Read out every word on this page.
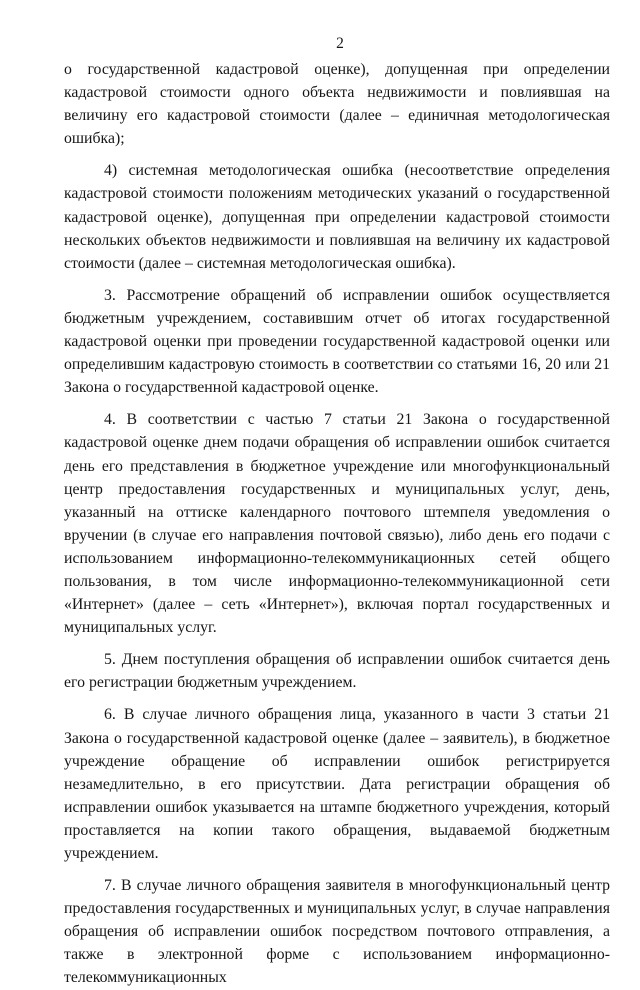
2

о государственной кадастровой оценке), допущенная при определении кадастровой стоимости одного объекта недвижимости и повлиявшая на величину его кадастровой стоимости (далее – единичная методологическая ошибка);

4) системная методологическая ошибка (несоответствие определения кадастровой стоимости положениям методических указаний о государственной кадастровой оценке), допущенная при определении кадастровой стоимости нескольких объектов недвижимости и повлиявшая на величину их кадастровой стоимости (далее – системная методологическая ошибка).

3. Рассмотрение обращений об исправлении ошибок осуществляется бюджетным учреждением, составившим отчет об итогах государственной кадастровой оценки при проведении государственной кадастровой оценки или определившим кадастровую стоимость в соответствии со статьями 16, 20 или 21 Закона о государственной кадастровой оценке.

4. В соответствии с частью 7 статьи 21 Закона о государственной кадастровой оценке днем подачи обращения об исправлении ошибок считается день его представления в бюджетное учреждение или многофункциональный центр предоставления государственных и муниципальных услуг, день, указанный на оттиске календарного почтового штемпеля уведомления о вручении (в случае его направления почтовой связью), либо день его подачи с использованием информационно-телекоммуникационных сетей общего пользования, в том числе информационно-телекоммуникационной сети «Интернет» (далее – сеть «Интернет»), включая портал государственных и муниципальных услуг.

5. Днем поступления обращения об исправлении ошибок считается день его регистрации бюджетным учреждением.

6. В случае личного обращения лица, указанного в части 3 статьи 21 Закона о государственной кадастровой оценке (далее – заявитель), в бюджетное учреждение обращение об исправлении ошибок регистрируется незамедлительно, в его присутствии. Дата регистрации обращения об исправлении ошибок указывается на штампе бюджетного учреждения, который проставляется на копии такого обращения, выдаваемой бюджетным учреждением.

7. В случае личного обращения заявителя в многофункциональный центр предоставления государственных и муниципальных услуг, в случае направления обращения об исправлении ошибок посредством почтового отправления, а также в электронной форме с использованием информационно-телекоммуникационных
